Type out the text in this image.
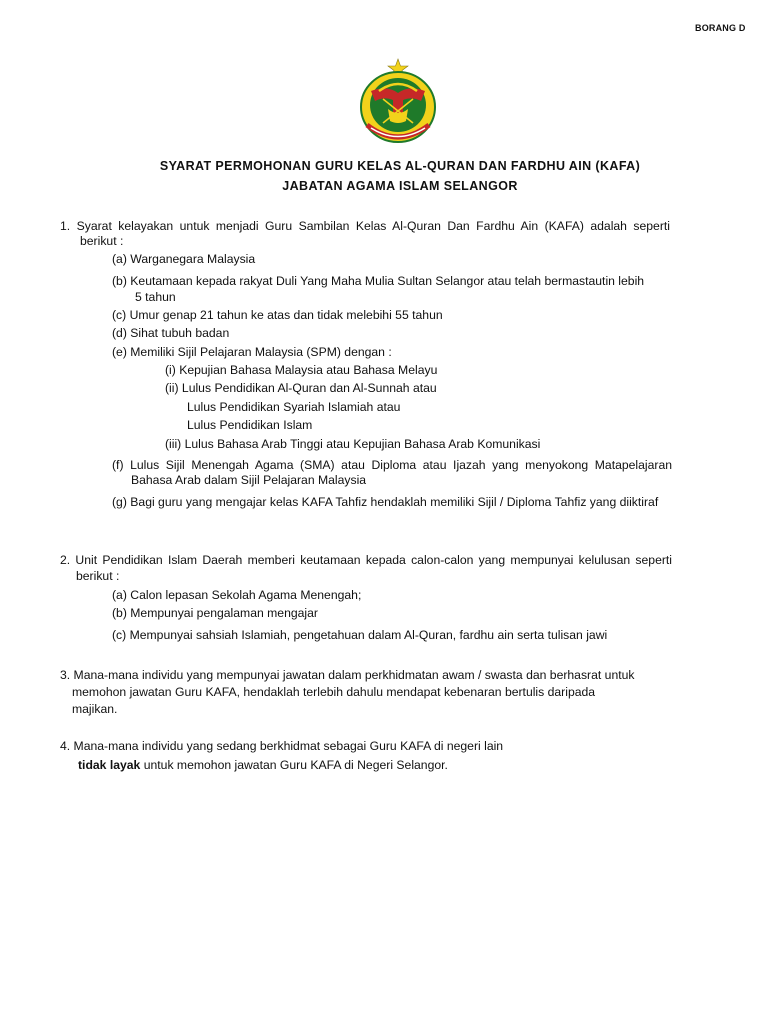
BORANG D
SYARAT PERMOHONAN GURU KELAS AL-QURAN DAN FARDHU AIN (KAFA)
JABATAN AGAMA ISLAM SELANGOR
1. Syarat kelayakan untuk menjadi Guru Sambilan Kelas Al-Quran Dan Fardhu Ain (KAFA) adalah seperti
berikut :
(a) Warganegara Malaysia
(b) Keutamaan kepada rakyat Duli Yang Maha Mulia Sultan Selangor atau telah bermastautin lebih
5 tahun
(c) Umur genap 21 tahun ke atas dan tidak melebihi 55 tahun
(d) Sihat tubuh badan
(e) Memiliki Sijil Pelajaran Malaysia (SPM) dengan :
(i) Kepujian Bahasa Malaysia atau Bahasa Melayu
(ii) Lulus Pendidikan Al-Quran dan Al-Sunnah atau
Lulus Pendidikan Syariah Islamiah atau
Lulus Pendidikan Islam
(iii) Lulus Bahasa Arab Tinggi atau Kepujian Bahasa Arab Komunikasi
(f) Lulus Sijil Menengah Agama (SMA) atau Diploma atau Ijazah yang menyokong Matapelajaran
Bahasa Arab dalam Sijil Pelajaran Malaysia
(g) Bagi guru yang mengajar kelas KAFA Tahfiz hendaklah memiliki Sijil / Diploma Tahfiz yang diiktiraf
2. Unit Pendidikan Islam Daerah memberi keutamaan kepada calon-calon yang mempunyai kelulusan seperti
berikut :
(a) Calon lepasan Sekolah Agama Menengah;
(b) Mempunyai pengalaman mengajar
(c) Mempunyai sahsiah Islamiah, pengetahuan dalam Al-Quran, fardhu ain serta tulisan jawi
3. Mana-mana individu yang mempunyai jawatan dalam perkhidmatan awam / swasta dan berhasrat untuk
memohon jawatan Guru KAFA, hendaklah terlebih dahulu mendapat kebenaran bertulis daripada
majikan.
4. Mana-mana individu yang sedang berkhidmat sebagai Guru KAFA di negeri lain
tidak layak untuk memohon jawatan Guru KAFA di Negeri Selangor.
